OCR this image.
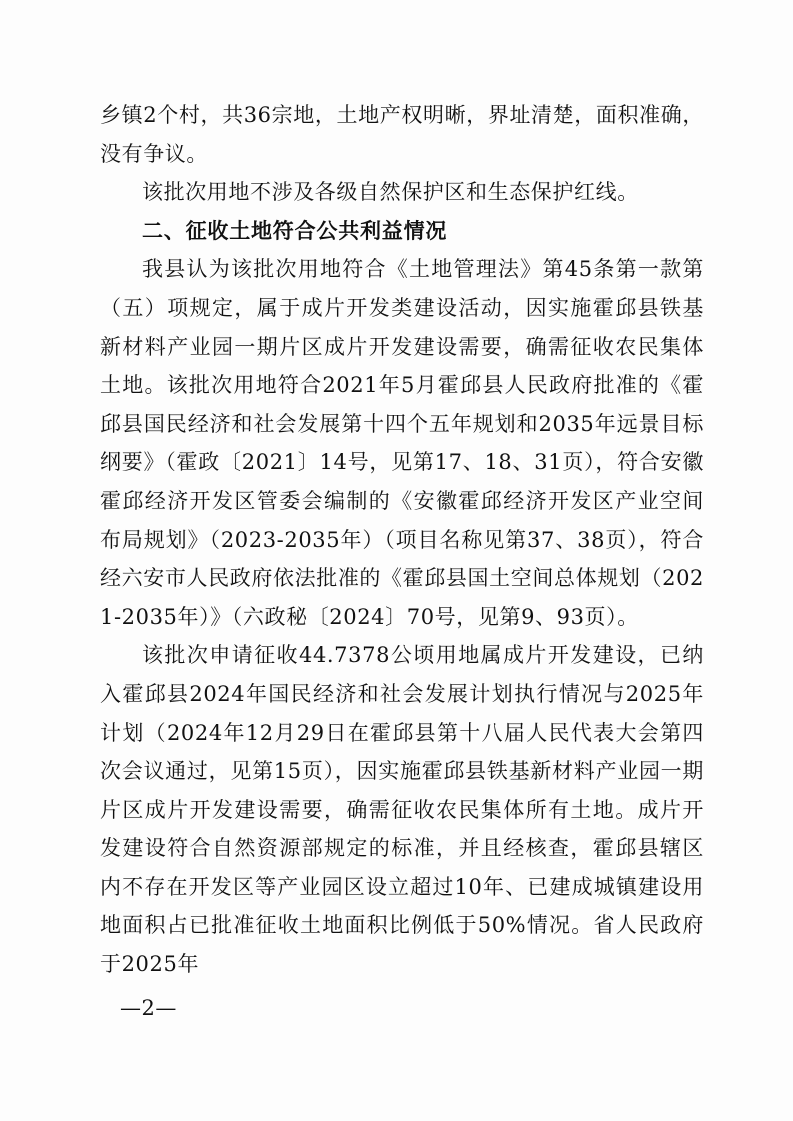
乡镇2个村，共36宗地，土地产权明晰，界址清楚，面积准确，没有争议。

该批次用地不涉及各级自然保护区和生态保护红线。

二、征收土地符合公共利益情况

我县认为该批次用地符合《土地管理法》第45条第一款第（五）项规定，属于成片开发类建设活动，因实施霍邱县铁基新材料产业园一期片区成片开发建设需要，确需征收农民集体土地。该批次用地符合2021年5月霍邱县人民政府批准的《霍邱县国民经济和社会发展第十四个五年规划和2035年远景目标纲要》（霍政〔2021〕14号，见第17、18、31页），符合安徽霍邱经济开发区管委会编制的《安徽霍邱经济开发区产业空间布局规划》（2023-2035年）（项目名称见第37、38页），符合经六安市人民政府依法批准的《霍邱县国土空间总体规划（2021-2035年）》（六政秘〔2024〕70号，见第9、93页）。

该批次申请征收44.7378公顷用地属成片开发建设，已纳入霍邱县2024年国民经济和社会发展计划执行情况与2025年计划（2024年12月29日在霍邱县第十八届人民代表大会第四次会议通过，见第15页），因实施霍邱县铁基新材料产业园一期片区成片开发建设需要，确需征收农民集体所有土地。成片开发建设符合自然资源部规定的标准，并且经核查，霍邱县辖区内不存在开发区等产业园区设立超过10年、已建成城镇建设用地面积占已批准征收土地面积比例低于50%情况。省人民政府于2025年

—2—
